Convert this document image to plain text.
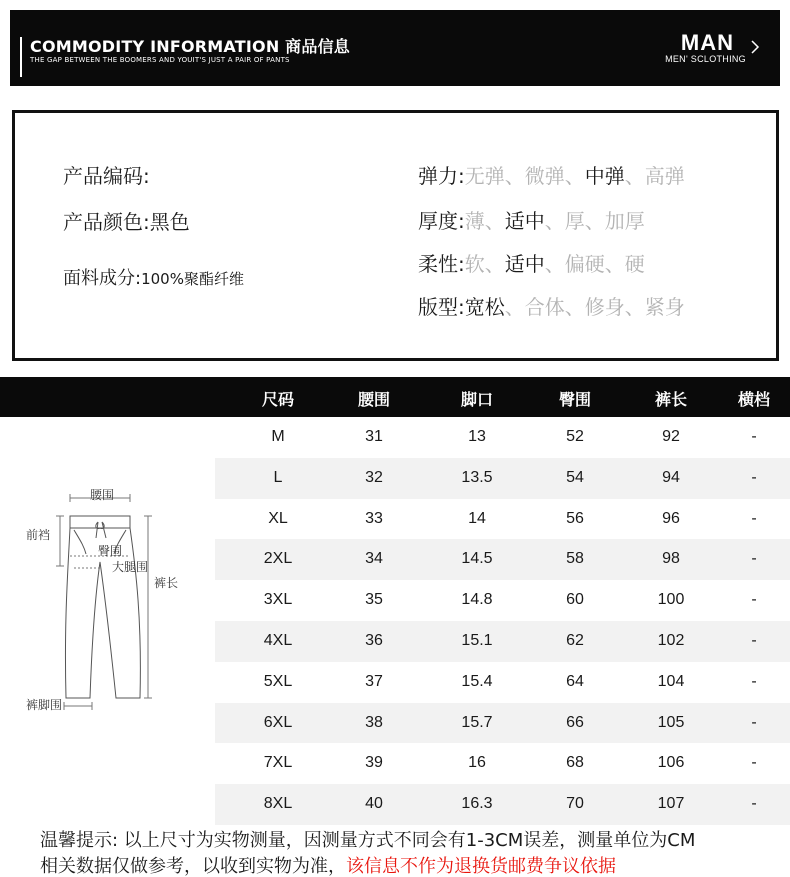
COMMODITY INFORMATION 商品信息
THE GAP BETWEEN THE BOOMERS AND YOUIT'S JUST A PAIR OF PANTS
MAN
MEN' SCLOTHING
产品编码:
产品颜色:黑色
面料成分:100%聚酯纤维
弹力:无弹、微弹、中弹、高弹
厚度:薄、适中、厚、加厚
柔性:软、适中、偏硬、硬
版型:宽松、合体、修身、紧身
尺码	腰围	脚口	臀围	裤长	横档
M	31	13	52	92	-
L	32	13.5	54	94	-
XL	33	14	56	96	-
2XL	34	14.5	58	98	-
3XL	35	14.8	60	100	-
4XL	36	15.1	62	102	-
5XL	37	15.4	64	104	-
6XL	38	15.7	66	105	-
7XL	39	16	68	106	-
8XL	40	16.3	70	107	-
腰围
前裆
臀围
大腿围
裤长
裤脚围
温馨提示: 以上尺寸为实物测量，因测量方式不同会有1-3CM误差，测量单位为CM
相关数据仅做参考，以收到实物为准，该信息不作为退换货邮费争议依据
